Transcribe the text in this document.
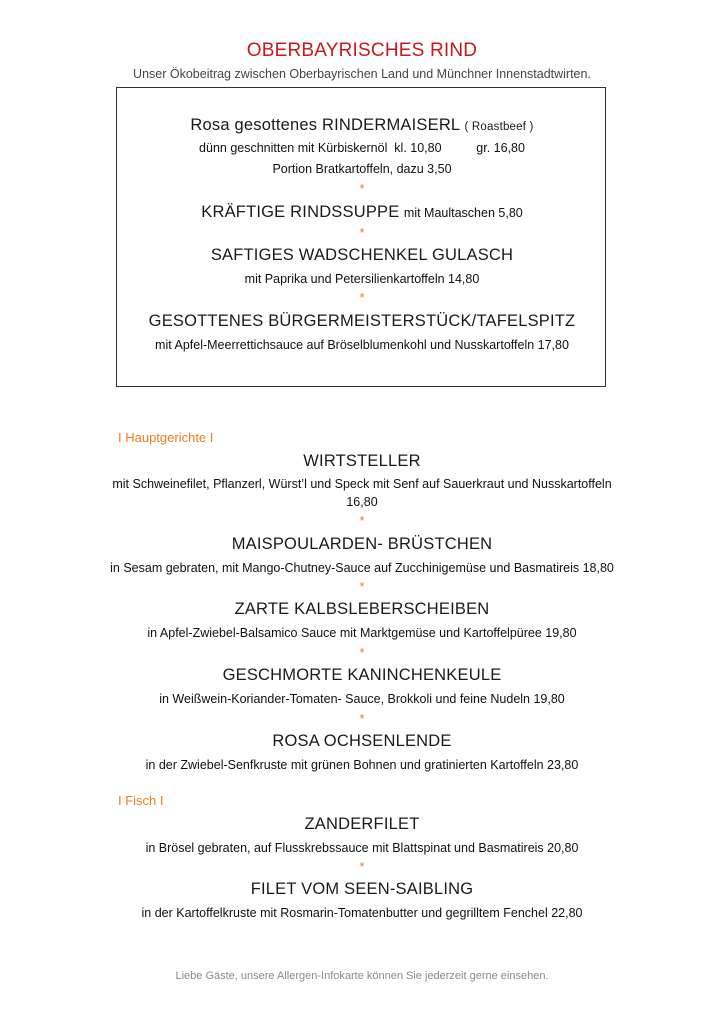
OBERBAYRISCHES RIND
Unser Ökobeitrag zwischen Oberbayrischen Land und Münchner Innenstadtwirten.
Rosa gesottenes RINDERMAISERL ( Roastbeef )
dünn geschnitten mit Kürbiskernöl  kl. 10,80          gr. 16,80
Portion Bratkartoffeln, dazu 3,50
*
KRÄFTIGE RINDSSUPPE mit Maultaschen 5,80
*
SAFTIGES WADSCHENKEL GULASCH
mit Paprika und Petersilienkartoffeln 14,80
*
GESOTTENES BÜRGERMEISTERSTÜCK/TAFELSPITZ
mit Apfel-Meerrettichsauce auf Bröselblumenkohl und Nusskartoffeln 17,80
I Hauptgerichte I
WIRTSTELLER
mit Schweinefilet, Pflanzerl, Würst’l und Speck mit Senf auf Sauerkraut und Nusskartoffeln
16,80
*
MAISPOULARDEN- BRÜSTCHEN
in Sesam gebraten, mit Mango-Chutney-Sauce auf Zucchinigemüse und Basmatireis 18,80
*
ZARTE KALBSLEBERSCHEIBEN
in Apfel-Zwiebel-Balsamico Sauce mit Marktgemüse und Kartoffelpüree 19,80
*
GESCHMORTE KANINCHENKEULE
in Weißwein-Koriander-Tomaten- Sauce, Brokkoli und feine Nudeln 19,80
*
ROSA OCHSENLENDE
in der Zwiebel-Senfkruste mit grünen Bohnen und gratinierten Kartoffeln 23,80
I Fisch I
ZANDERFILET
in Brösel gebraten, auf Flusskrebssauce mit Blattspinat und Basmatireis 20,80
*
FILET VOM SEEN-SAIBLING
in der Kartoffelkruste mit Rosmarin-Tomatenbutter und gegrilltem Fenchel 22,80
Liebe Gäste, unsere Allergen-Infokarte können Sie jederzeit gerne einsehen.
